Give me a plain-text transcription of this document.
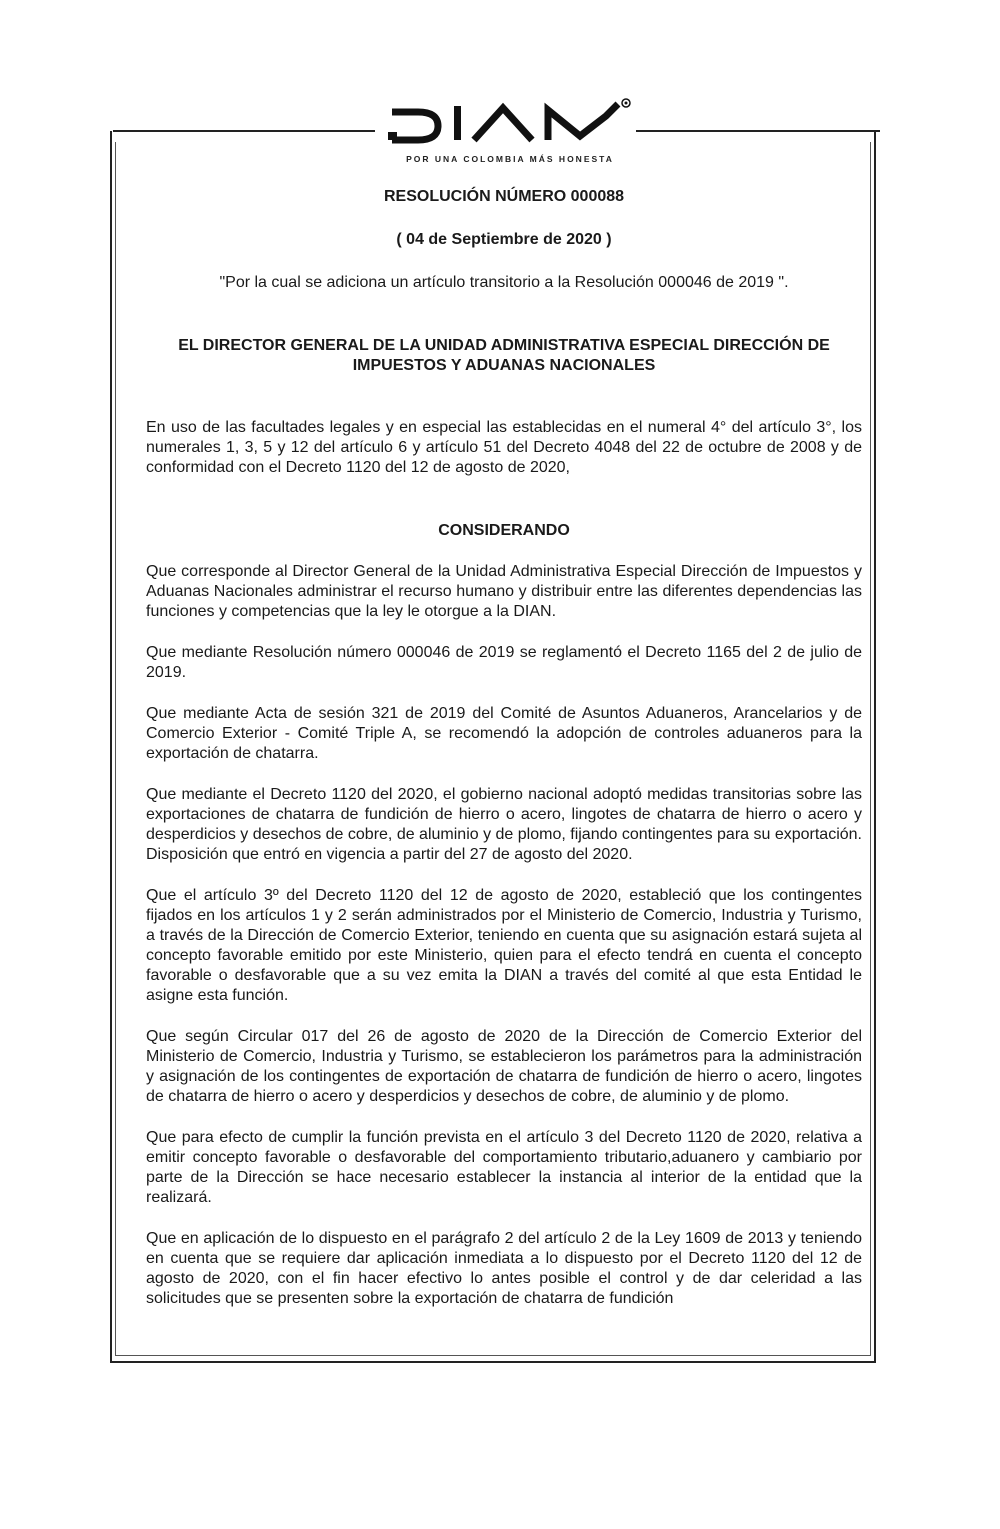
POR UNA COLOMBIA MÁS HONESTA
RESOLUCIÓN NÚMERO 000088
( 04 de Septiembre de 2020 )
"Por la cual se adiciona un artículo transitorio a la Resolución 000046 de 2019 ".
EL DIRECTOR GENERAL DE LA UNIDAD ADMINISTRATIVA ESPECIAL DIRECCIÓN DE IMPUESTOS Y ADUANAS NACIONALES

En uso de las facultades legales y en especial las establecidas en el numeral 4° del artículo 3°, los numerales 1, 3, 5 y 12 del artículo 6 y artículo 51 del Decreto 4048 del 22 de octubre de 2008 y de conformidad con el Decreto 1120 del 12 de agosto de 2020,

CONSIDERANDO

Que corresponde al Director General de la Unidad Administrativa Especial Dirección de Impuestos y Aduanas Nacionales administrar el recurso humano y distribuir entre las diferentes dependencias las funciones y competencias que la ley le otorgue a la DIAN.

Que mediante Resolución número 000046 de 2019 se reglamentó el Decreto 1165 del 2 de julio de 2019.

Que mediante Acta de sesión 321 de 2019 del Comité de Asuntos Aduaneros, Arancelarios y de Comercio Exterior - Comité Triple A, se recomendó la adopción de controles aduaneros para la exportación de chatarra.

Que mediante el Decreto 1120 del 2020, el gobierno nacional adoptó medidas transitorias sobre las exportaciones de chatarra de fundición de hierro o acero, lingotes de chatarra de hierro o acero y desperdicios y desechos de cobre, de aluminio y de plomo, fijando contingentes para su exportación. Disposición que entró en vigencia a partir del 27 de agosto del 2020.

Que el artículo 3º del Decreto 1120 del 12 de agosto de 2020, estableció que los contingentes fijados en los artículos 1 y 2 serán administrados por el Ministerio de Comercio, Industria y Turismo, a través de la Dirección de Comercio Exterior, teniendo en cuenta que su asignación estará sujeta al concepto favorable emitido por este Ministerio, quien para el efecto tendrá en cuenta el concepto favorable o desfavorable que a su vez emita la DIAN a través del comité al que esta Entidad le asigne esta función.

Que según Circular 017 del 26 de agosto de 2020 de la Dirección de Comercio Exterior del Ministerio de Comercio, Industria y Turismo, se establecieron los parámetros para la administración y asignación de los contingentes de exportación de chatarra de fundición de hierro o acero, lingotes de chatarra de hierro o acero y desperdicios y desechos de cobre, de aluminio y de plomo.

Que para efecto de cumplir la función prevista en el artículo 3 del Decreto 1120 de 2020, relativa a emitir concepto favorable o desfavorable del comportamiento tributario,aduanero y cambiario por parte de la Dirección se hace necesario establecer la instancia al interior de la entidad que la realizará.

Que en aplicación de lo dispuesto en el parágrafo 2 del artículo 2 de la Ley 1609 de 2013 y teniendo en cuenta que se requiere dar aplicación inmediata a lo dispuesto por el Decreto 1120 del 12 de agosto de 2020, con el fin hacer efectivo lo antes posible el control y de dar celeridad a las solicitudes que se presenten sobre la exportación de chatarra de fundición
